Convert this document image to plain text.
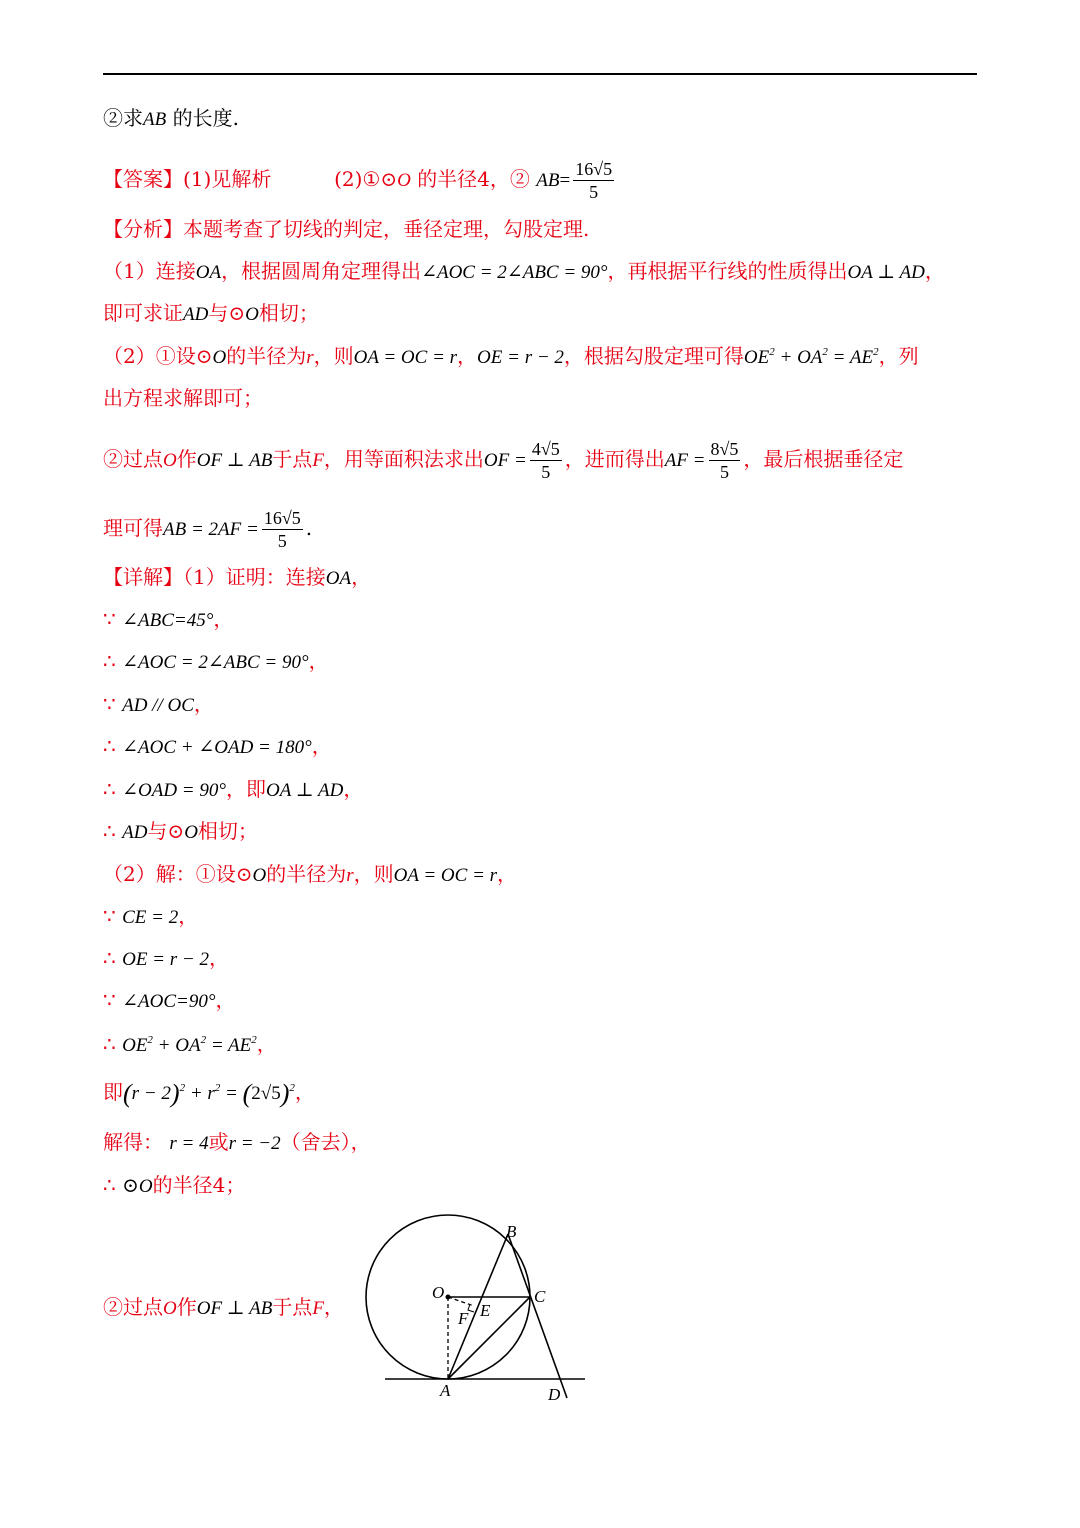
②求AB 的长度.
【答案】(1)见解析	(2)①⊙O 的半径4，② $AB= \frac{16√5}{5}$
【分析】本题考查了切线的判定，垂径定理，勾股定理.
（1）连接OA，根据圆周角定理得出∠AOC = 2∠ABC = 90°，再根据平行线的性质得出OA ⊥ AD，
即可求证AD与⊙O相切；
（2）①设⊙O的半径为r，则OA = OC = r，OE = r − 2，根据勾股定理可得$OE^2 + OA^2 = AE^2$，列
出方程求解即可；
②过点O作OF ⊥ AB于点F，用等面积法求出OF = $\frac{4√5}{5}$ ，进而得出AF = $\frac{8√5}{5}$ ，最后根据垂径定
理可得AB = $2AF = \frac{16√5}{5}$ .
【详解】（1）证明：连接OA，
∵ ∠ABC=45°，
∴ ∠AOC = 2∠ABC = 90°，
∵ AD // OC，
∴ ∠AOC + ∠OAD = 180°，
∴ ∠OAD = 90°，即OA ⊥ AD，
∴ AD与⊙O相切；
（2）解：①设⊙O的半径为r，则OA = OC = r，
∵ CE = 2，
∴ OE = r − 2，
∵ ∠AOC=90°，
∴ $OE^2 + OA^2 = AE^2$，
即$(r - 2)^2 + r^2 = (2√5)^2$，
解得： r = 4或r = −2（舍去），
∴ ⊙O的半径4；
②过点O作OF ⊥ AB于点F，
B
O	C
E
F
A	D
